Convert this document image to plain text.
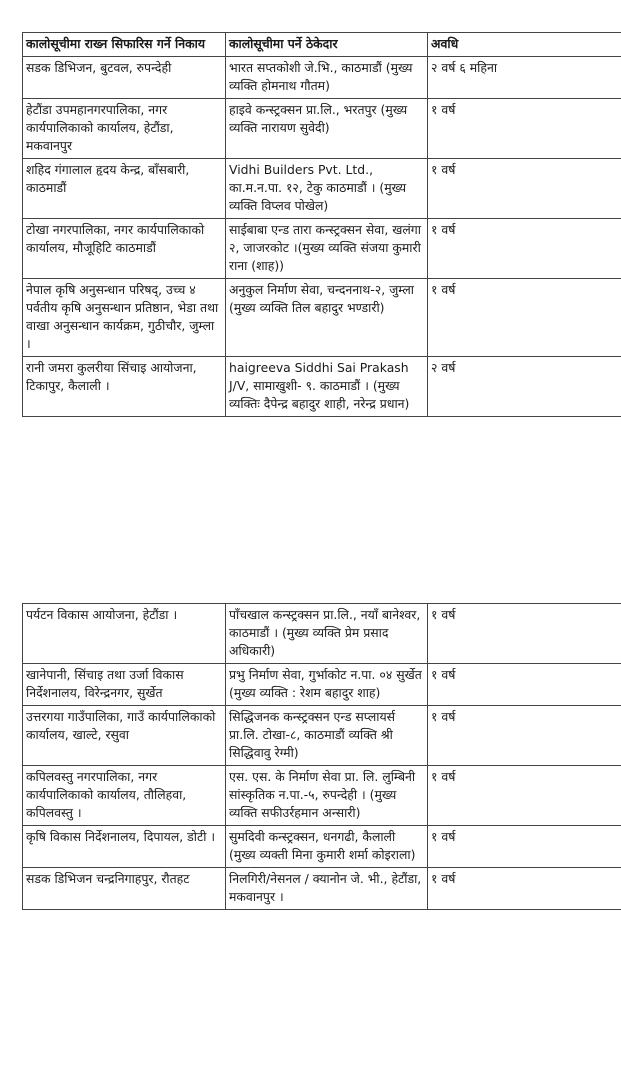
कालोसूचीमा राख्न सिफारिस गर्ने निकाय	कालोसूचीमा पर्ने ठेकेदार	अवधि
सडक डिभिजन, बुटवल, रुपन्देही	भारत सप्तकोशी जे.भि., काठमाडौं (मुख्य व्यक्ति होमनाथ गौतम)	२ वर्ष ६ महिना
हेटौंडा उपमहानगरपालिका, नगर कार्यपालिकाको कार्यालय, हेटौंडा, मकवानपुर	हाइवे कन्स्ट्रक्सन प्रा.लि., भरतपुर (मुख्य व्यक्ति नारायण सुवेदी)	१ वर्ष
शहिद गंगालाल हृदय केन्द्र, बाँसबारी, काठमाडौं	Vidhi Builders Pvt. Ltd., का.म.न.पा. १२, टेकु काठमाडौं । (मुख्य व्यक्ति विप्लव पोखेल)	१ वर्ष
टोखा नगरपालिका, नगर कार्यपालिकाको कार्यालय, मौजूहिटि काठमाडौं	साईबाबा एन्ड तारा कन्स्ट्रक्सन सेवा, खलंगा २, जाजरकोट ।(मुख्य व्यक्ति संजया कुमारी राना (शाह))	१ वर्ष
नेपाल कृषि अनुसन्धान परिषद्, उच्च ४ पर्वतीय कृषि अनुसन्धान प्रतिष्ठान, भेडा तथा वाखा अनुसन्धान कार्यक्रम, गुठीचौर, जुम्ला ।	अनुकुल निर्माण सेवा, चन्दननाथ-२, जुम्ला (मुख्य व्यक्ति तिल बहादुर भण्डारी)	१ वर्ष
रानी जमरा कुलरीया सिंचाइ आयोजना, टिकापुर, कैलाली ।	haigreeva Siddhi Sai Prakash J/V, सामाखुशी- ९. काठमाडौं । (मुख्य व्यक्तिः दैपेन्द्र बहादुर शाही, नरेन्द्र प्रधान)	२ वर्ष
पर्यटन विकास आयोजना, हेटौंडा ।	पाँचखाल कन्स्ट्रक्सन प्रा.लि., नयाँ बानेश्वर, काठमाडौं । (मुख्य व्यक्ति प्रेम प्रसाद अधिकारी)	१ वर्ष
खानेपानी, सिंचाइ तथा उर्जा विकास निर्देशनालय, विरेन्द्रनगर, सुर्खेत	प्रभु निर्माण सेवा, गुर्भाकोट न.पा. ०४ सुर्खेत (मुख्य व्यक्ति : रेशम बहादुर शाह)	१ वर्ष
उत्तरगया गाउँपालिका, गाउँ कार्यपालिकाको कार्यालय, खाल्टे, रसुवा	सिद्धिजनक कन्स्ट्रक्सन एन्ड सप्लायर्स प्रा.लि. टोखा-८, काठमाडौं व्यक्ति श्री सिद्धिवावु रेग्मी)	१ वर्ष
कपिलवस्तु नगरपालिका, नगर कार्यपालिकाको कार्यालय, तौलिहवा, कपिलवस्तु ।	एस. एस. के निर्माण सेवा प्रा. लि. लुम्बिनी सांस्कृतिक न.पा.-५, रुपन्देही । (मुख्य व्यक्ति सफीउर्रहमान अन्सारी)	१ वर्ष
कृषि विकास निर्देशनालय, दिपायल, डोटी ।	सुमदिवी कन्स्ट्रक्सन, धनगढी, कैलाली (मुख्य व्यक्ती मिना कुमारी शर्मा कोइराला)	१ वर्ष
सडक डिभिजन चन्द्रनिगाहपुर, रौतहट	निलगिरी/नेसनल / क्यानोन जे. भी., हेटौंडा, मकवानपुर ।	१ वर्ष
